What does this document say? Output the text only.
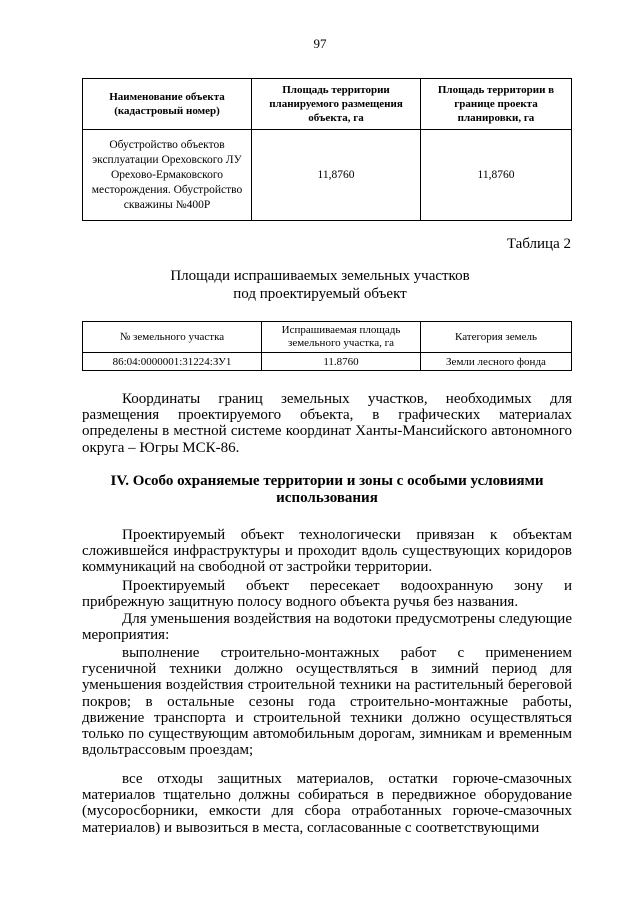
97
Наименование объекта (кадастровый номер)	Площадь территории планируемого размещения объекта, га	Площадь территории в границе проекта планировки, га
Обустройство объектов эксплуатации Ореховского ЛУ Орехово-Ермаковского месторождения. Обустройство скважины №400Р	11,8760	11,8760
Таблица 2
Площади испрашиваемых земельных участков
под проектируемый объект
№ земельного участка	Испрашиваемая площадь земельного участка, га	Категория земель
86:04:0000001:31224:ЗУ1	11.8760	Земли лесного фонда
Координаты границ земельных участков, необходимых для размещения проектируемого объекта, в графических материалах определены в местной системе координат Ханты-Мансийского автономного округа – Югры МСК-86.
IV. Особо охраняемые территории и зоны с особыми условиями использования
Проектируемый объект технологически привязан к объектам сложившейся инфраструктуры и проходит вдоль существующих коридоров коммуникаций на свободной от застройки территории.
Проектируемый объект пересекает водоохранную зону и прибрежную защитную полосу водного объекта ручья без названия.
Для уменьшения воздействия на водотоки предусмотрены следующие мероприятия:
выполнение строительно-монтажных работ с применением гусеничной техники должно осуществляться в зимний период для уменьшения воздействия строительной техники на растительный береговой покров; в остальные сезоны года строительно-монтажные работы, движение транспорта и строительной техники должно осуществляться только по существующим автомобильным дорогам, зимникам и временным вдольтрассовым проездам;
все отходы защитных материалов, остатки горюче-смазочных материалов тщательно должны собираться в передвижное оборудование (мусоросборники, емкости для сбора отработанных горюче-смазочных материалов) и вывозиться в места, согласованные с соответствующими
